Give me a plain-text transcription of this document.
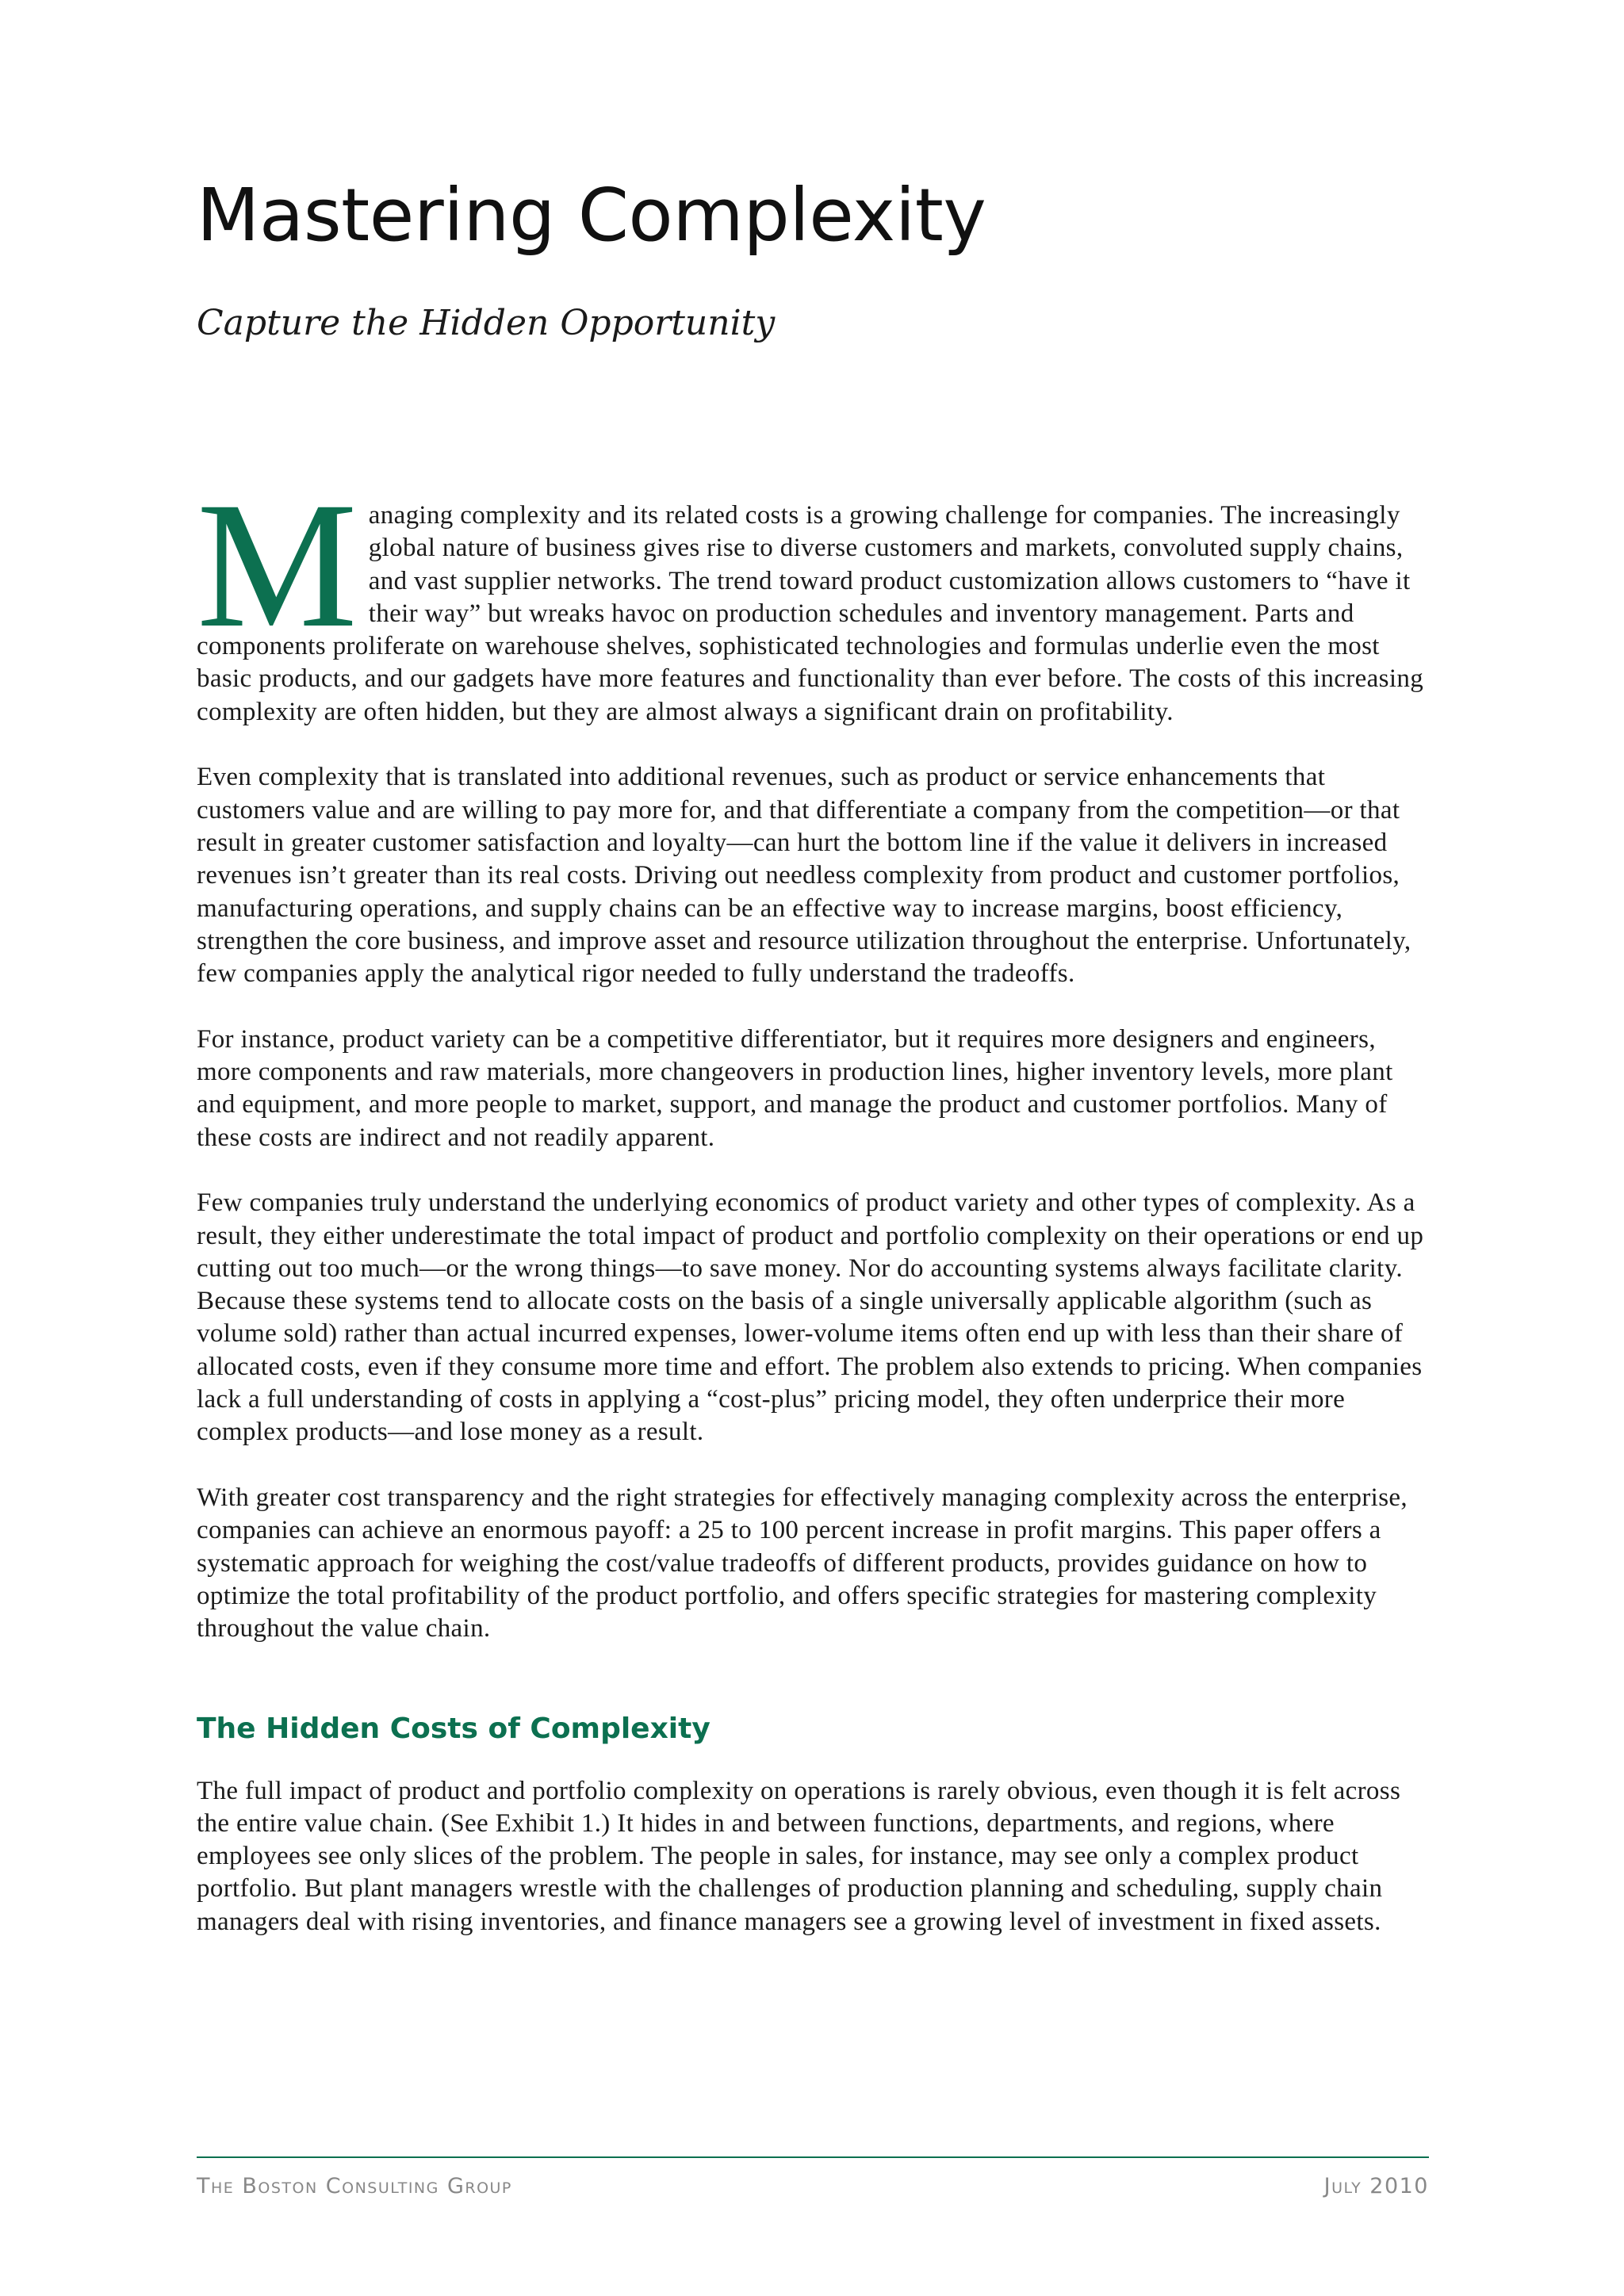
Mastering Complexity
Capture the Hidden Opportunity

Managing complexity and its related costs is a growing challenge for companies. The increasingly global nature of business gives rise to diverse customers and markets, convoluted supply chains, and vast supplier networks. The trend toward product customization allows customers to “have it their way” but wreaks havoc on production schedules and inventory management. Parts and components proliferate on warehouse shelves, sophisticated technologies and formulas underlie even the most basic products, and our gadgets have more features and functionality than ever before. The costs of this increasing complexity are often hidden, but they are almost always a significant drain on profitability.

Even complexity that is translated into additional revenues, such as product or service enhancements that customers value and are willing to pay more for, and that differentiate a company from the competition—or that result in greater customer satisfaction and loyalty—can hurt the bottom line if the value it delivers in increased revenues isn’t greater than its real costs. Driving out needless complexity from product and customer portfolios, manufacturing operations, and supply chains can be an effective way to increase margins, boost efficiency, strengthen the core business, and improve asset and resource utilization throughout the enterprise. Unfortunately, few companies apply the analytical rigor needed to fully understand the tradeoffs.

For instance, product variety can be a competitive differentiator, but it requires more designers and engineers, more components and raw materials, more changeovers in production lines, higher inventory levels, more plant and equipment, and more people to market, support, and manage the product and customer portfolios. Many of these costs are indirect and not readily apparent.

Few companies truly understand the underlying economics of product variety and other types of complexity. As a result, they either underestimate the total impact of product and portfolio complexity on their operations or end up cutting out too much—or the wrong things—to save money. Nor do accounting systems always facilitate clarity. Because these systems tend to allocate costs on the basis of a single universally applicable algorithm (such as volume sold) rather than actual incurred expenses, lower-volume items often end up with less than their share of allocated costs, even if they consume more time and effort. The problem also extends to pricing. When companies lack a full understanding of costs in applying a “cost-plus” pricing model, they often underprice their more complex products—and lose money as a result.

With greater cost transparency and the right strategies for effectively managing complexity across the enterprise, companies can achieve an enormous payoff: a 25 to 100 percent increase in profit margins. This paper offers a systematic approach for weighing the cost/value tradeoffs of different products, provides guidance on how to optimize the total profitability of the product portfolio, and offers specific strategies for mastering complexity throughout the value chain.

The Hidden Costs of Complexity

The full impact of product and portfolio complexity on operations is rarely obvious, even though it is felt across the entire value chain. (See Exhibit 1.) It hides in and between functions, departments, and regions, where employees see only slices of the problem. The people in sales, for instance, may see only a complex product portfolio. But plant managers wrestle with the challenges of production planning and scheduling, supply chain managers deal with rising inventories, and finance managers see a growing level of investment in fixed assets.

The Boston Consulting Group	July 2010
